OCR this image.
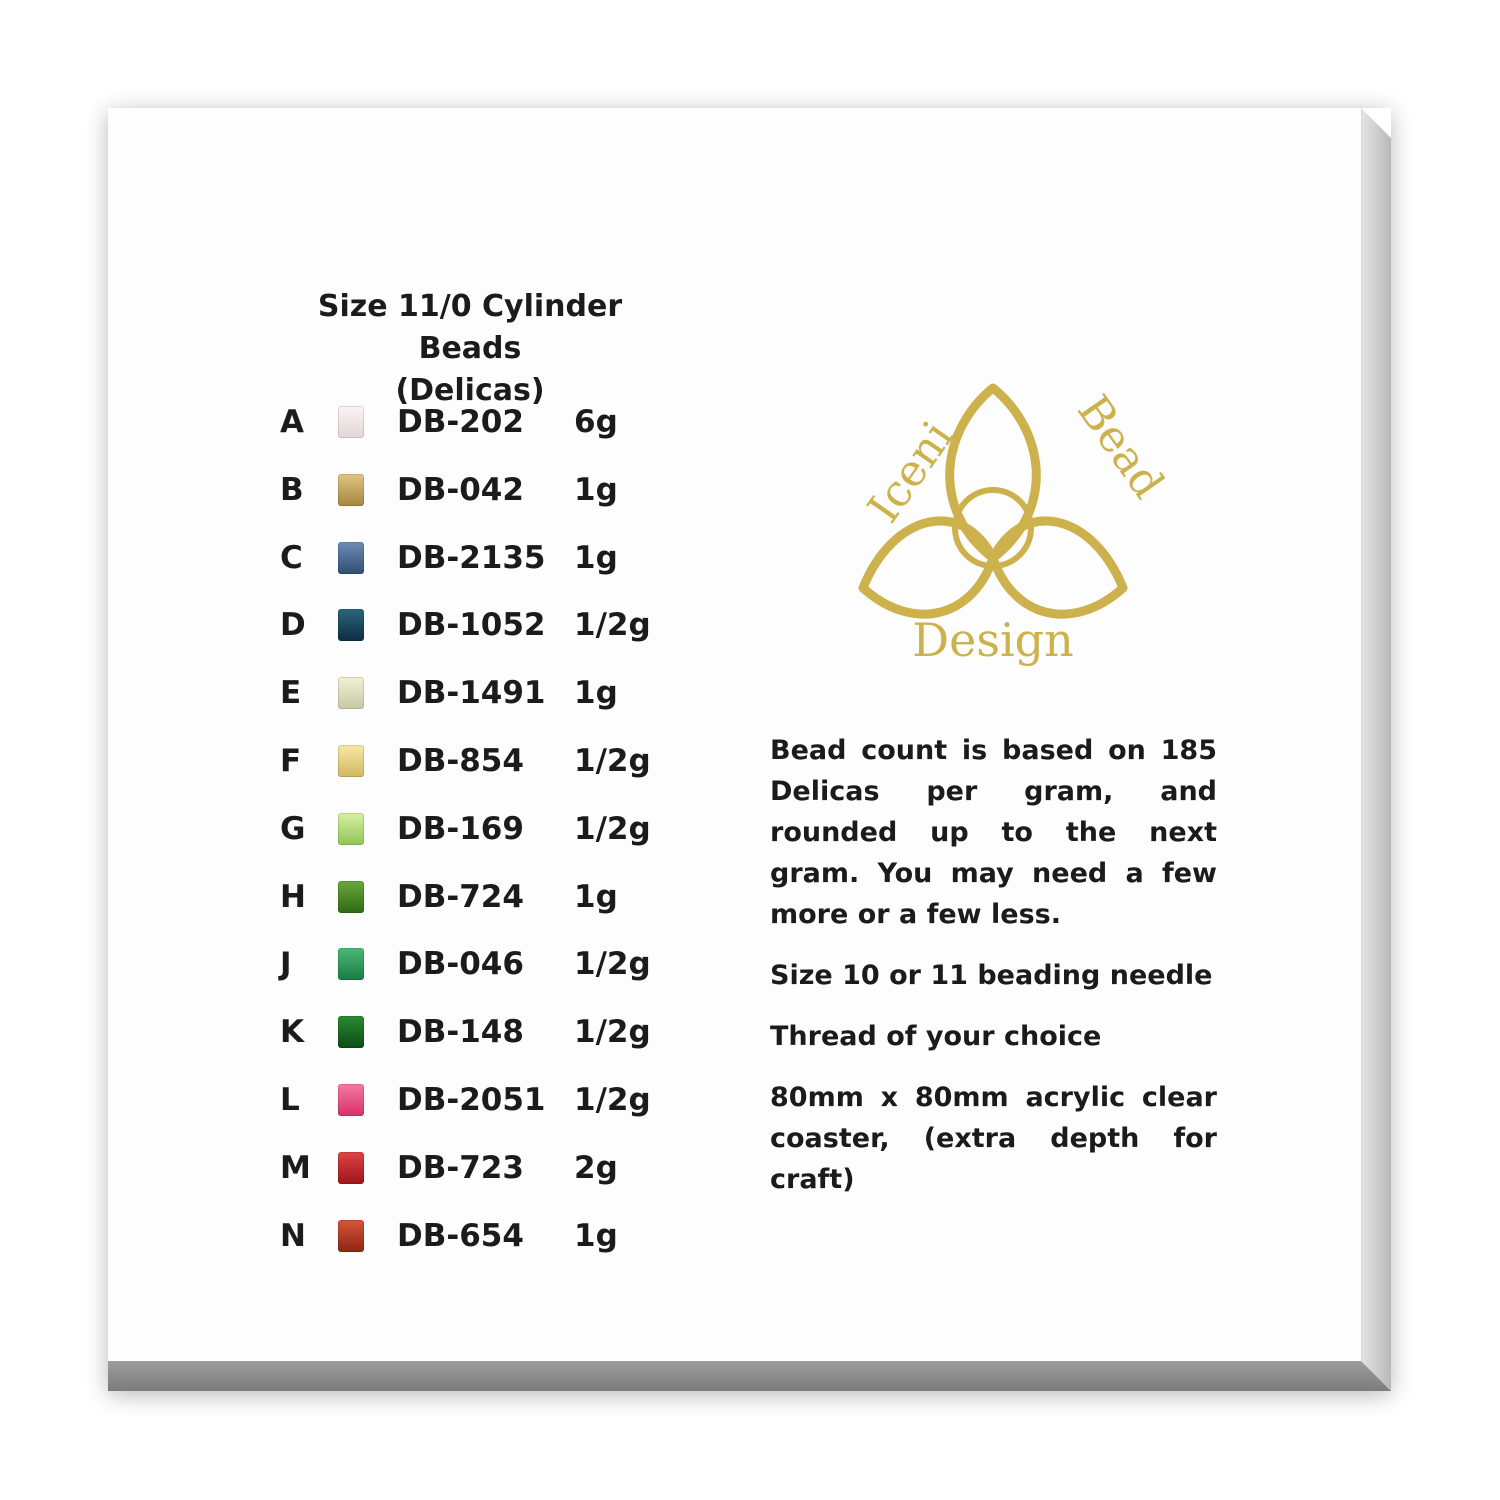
Size 11/0 Cylinder Beads
(Delicas)
A	DB-202 6g
B	DB-042 1g
C	DB-2135 1g
D	DB-1052 1/2g
E	DB-1491 1g
F	DB-854 1/2g
G	DB-169 1/2g
H	DB-724 1g
J	DB-046 1/2g
K	DB-148 1/2g
L	DB-2051 1/2g
M	DB-723 2g
N	DB-654 1g
Iceni Bead
Design

Bead count is based on 185 Delicas per gram, and rounded up to the next gram. You may need a few more or a few less.

Size 10 or 11 beading needle

Thread of your choice

80mm x 80mm acrylic clear coaster, (extra depth for craft)
